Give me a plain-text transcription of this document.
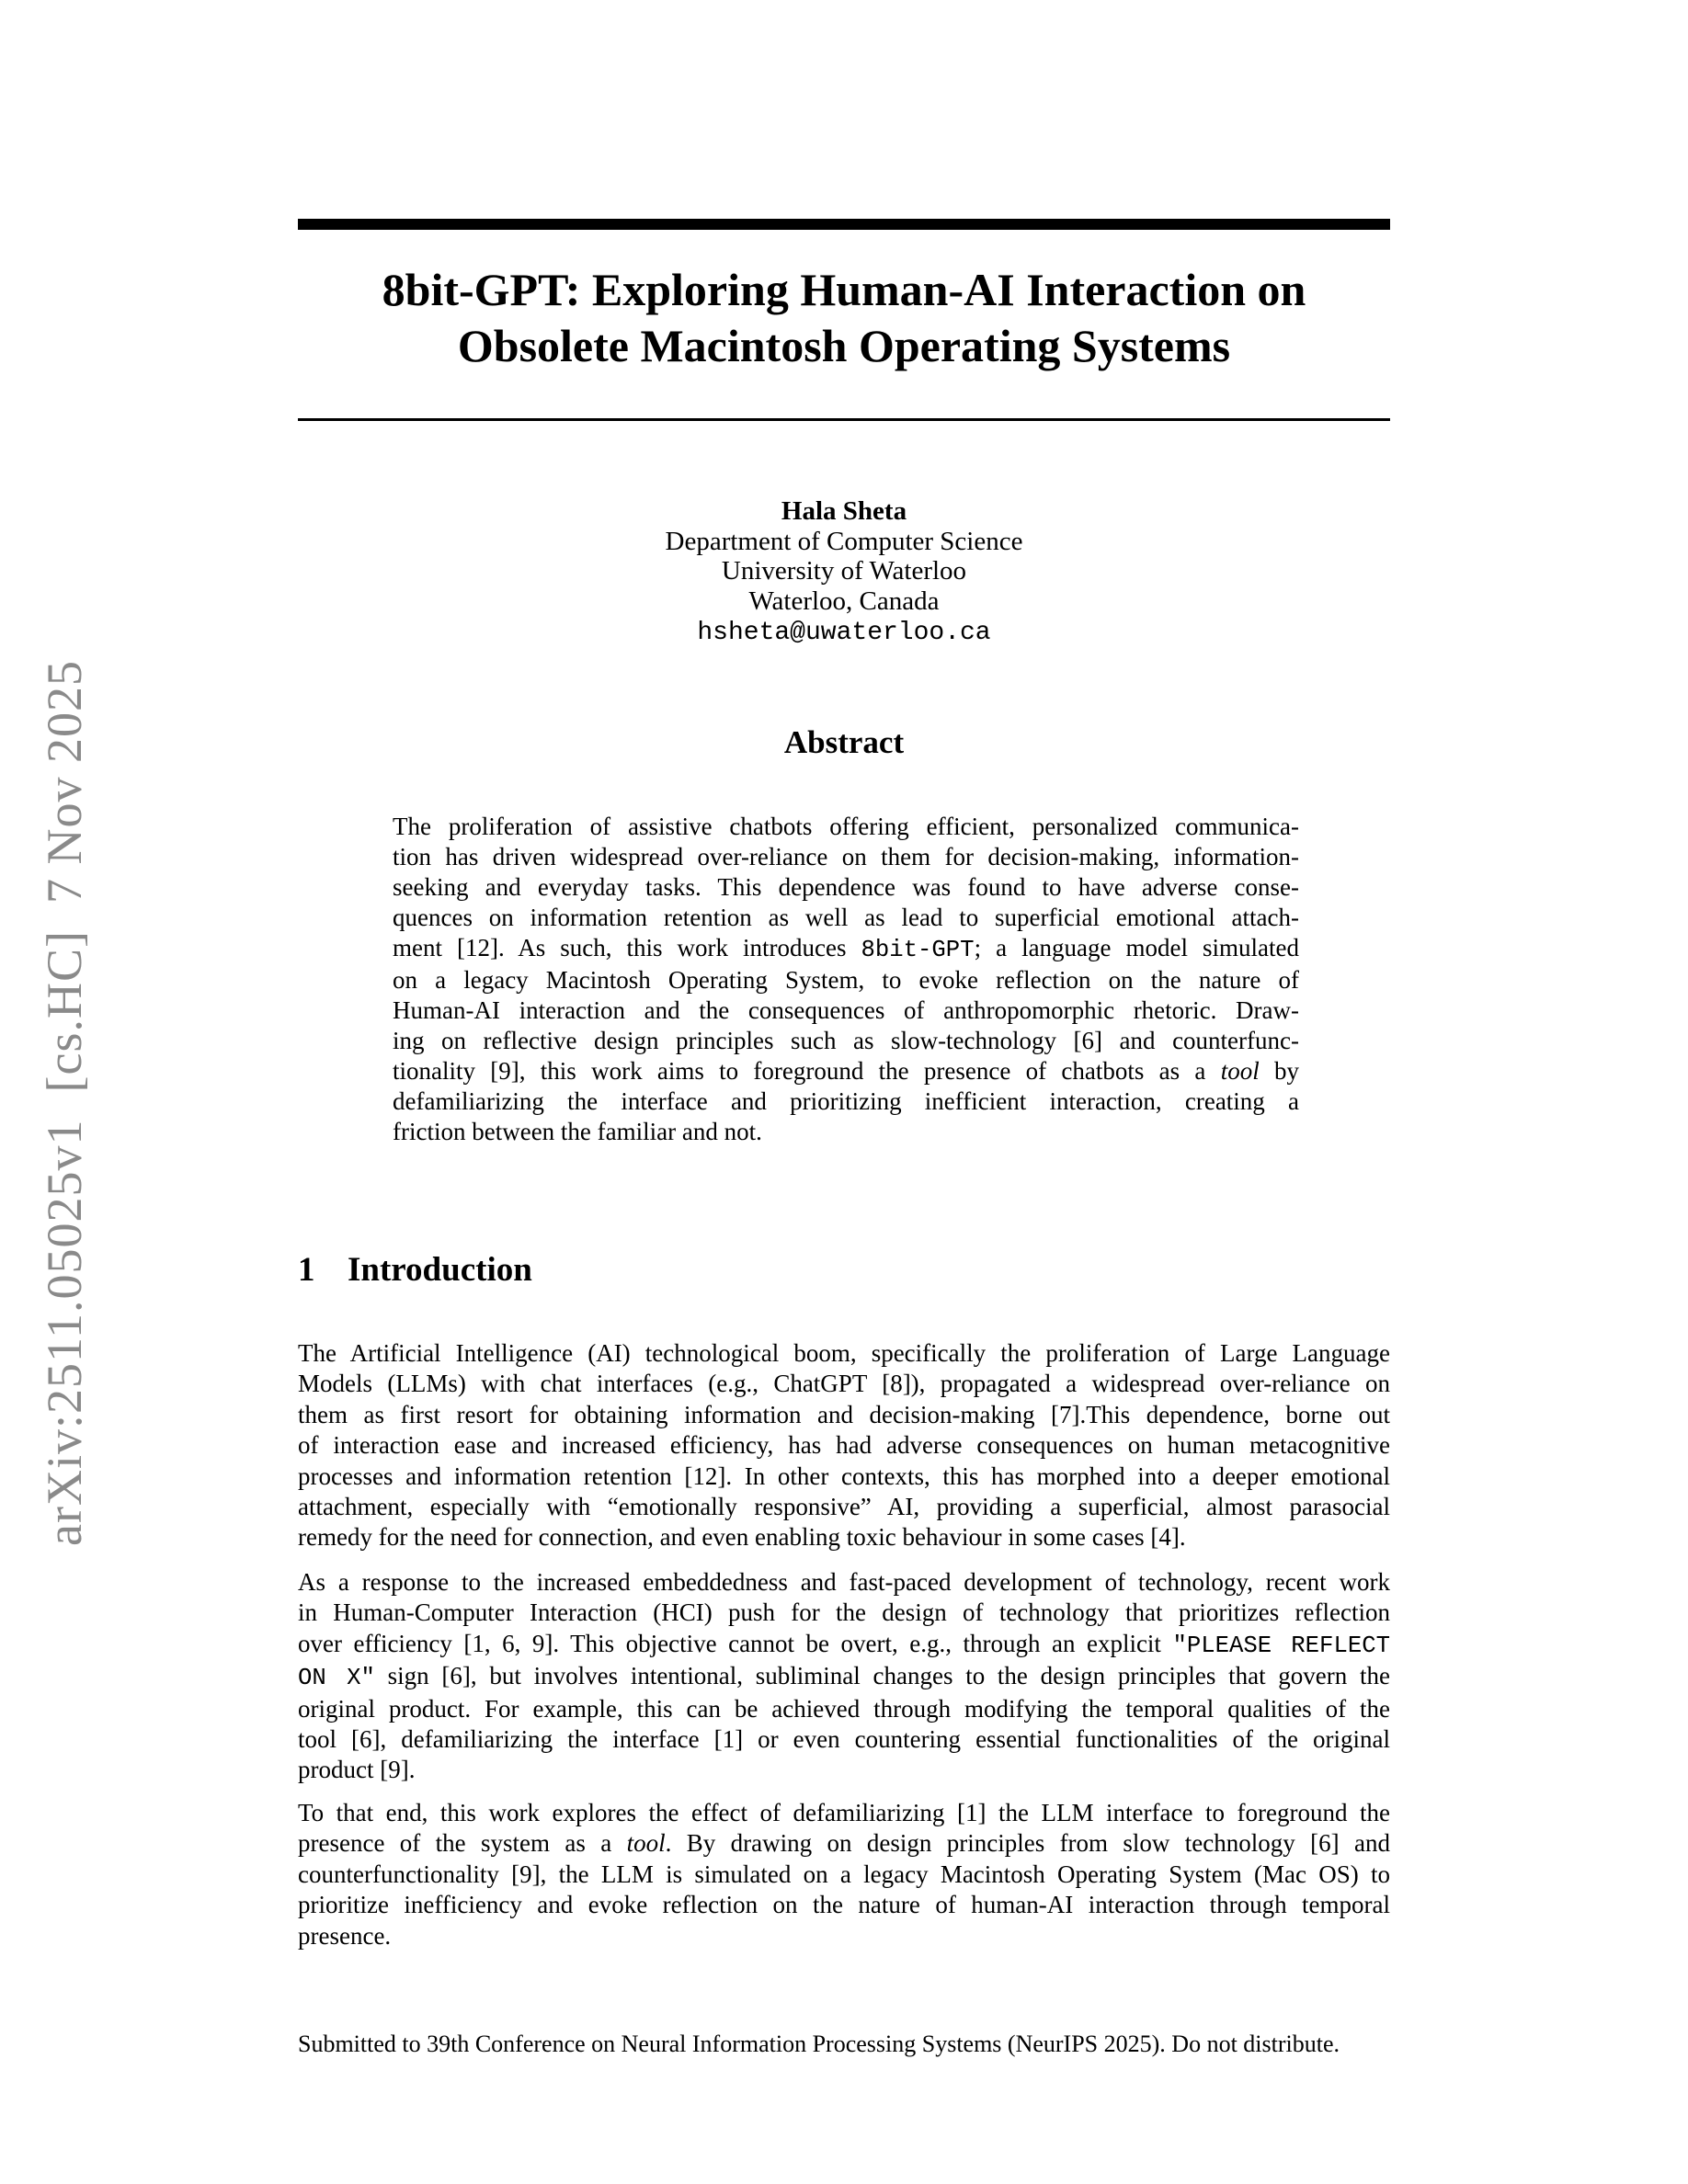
arXiv:2511.05025v1  [cs.HC]  7 Nov 2025
8bit-GPT: Exploring Human-AI Interaction on
Obsolete Macintosh Operating Systems
Hala Sheta
Department of Computer Science
University of Waterloo
Waterloo, Canada
hsheta@uwaterloo.ca
Abstract
The proliferation of assistive chatbots offering efficient, personalized communica-
tion has driven widespread over-reliance on them for decision-making, information-
seeking and everyday tasks. This dependence was found to have adverse conse-
quences on information retention as well as lead to superficial emotional attach-
ment [12]. As such, this work introduces 8bit-GPT; a language model simulated
on a legacy Macintosh Operating System, to evoke reflection on the nature of
Human-AI interaction and the consequences of anthropomorphic rhetoric. Draw-
ing on reflective design principles such as slow-technology [6] and counterfunc-
tionality [9], this work aims to foreground the presence of chatbots as a tool by
defamiliarizing the interface and prioritizing inefficient interaction, creating a
friction between the familiar and not.
1 Introduction
The Artificial Intelligence (AI) technological boom, specifically the proliferation of Large Language
Models (LLMs) with chat interfaces (e.g., ChatGPT [8]), propagated a widespread over-reliance on
them as first resort for obtaining information and decision-making [7].This dependence, borne out
of interaction ease and increased efficiency, has had adverse consequences on human metacognitive
processes and information retention [12]. In other contexts, this has morphed into a deeper emotional
attachment, especially with “emotionally responsive” AI, providing a superficial, almost parasocial
remedy for the need for connection, and even enabling toxic behaviour in some cases [4].
As a response to the increased embeddedness and fast-paced development of technology, recent work
in Human-Computer Interaction (HCI) push for the design of technology that prioritizes reflection
over efficiency [1, 6, 9]. This objective cannot be overt, e.g., through an explicit "PLEASE REFLECT
ON X" sign [6], but involves intentional, subliminal changes to the design principles that govern the
original product. For example, this can be achieved through modifying the temporal qualities of the
tool [6], defamiliarizing the interface [1] or even countering essential functionalities of the original
product [9].
To that end, this work explores the effect of defamiliarizing [1] the LLM interface to foreground the
presence of the system as a tool. By drawing on design principles from slow technology [6] and
counterfunctionality [9], the LLM is simulated on a legacy Macintosh Operating System (Mac OS) to
prioritize inefficiency and evoke reflection on the nature of human-AI interaction through temporal
presence.
Submitted to 39th Conference on Neural Information Processing Systems (NeurIPS 2025). Do not distribute.
